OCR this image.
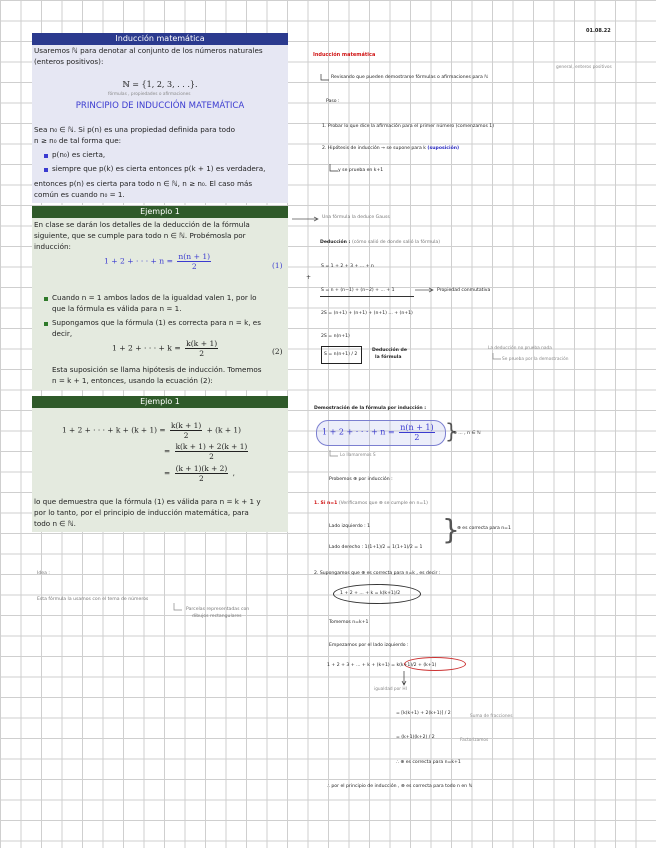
01.08.22
Inducción matemática
Usaremos ℕ para denotar al conjunto de los números naturales (enteros positivos):
ℕ = {1, 2, 3, . . .}.
fórmulas , propiedades o afirmaciones
PRINCIPIO DE INDUCCIÓN MATEMÁTICA
Sea n₀ ∈ ℕ. Si p(n) es una propiedad definida para todo
n ≥ n₀ de tal forma que:
p(n₀) es cierta,
siempre que p(k) es cierta entonces p(k + 1) es verdadera,
entonces p(n) es cierta para todo n ∈ ℕ, n ≥ n₀. El caso más
común es cuando n₀ = 1.
Ejemplo 1
En clase se darán los detalles de la deducción de la fórmula
siguiente, que se cumple para todo n ∈ ℕ. Probémosla por
inducción:
1 + 2 + · · · + $n = \frac{n(n + 1)}{2}$	(1)
Cuando n = 1 ambos lados de la igualdad valen 1, por lo
que la fórmula es válida para n = 1.
Supongamos que la fórmula (1) es correcta para n = k, es
decir,
1 + 2 + · · · + $k = \frac{k(k + 1)}{2}$	(2)
Esta suposición se llama hipótesis de inducción. Tomemos
n = k + 1, entonces, usando la ecuación (2):
Ejemplo 1
1 + 2 + · · · + $k + (k + 1) = \frac{k(k + 1)}{2} + (k + 1)$
= $\frac{k(k + 1) + 2(k + 1)}{2}$
= $\frac{(k + 1)(k + 2)}{2}$ ,
lo que demuestra que la fórmula (1) es válida para n = k + 1 y
por lo tanto, por el principio de inducción matemática, para
todo n ∈ ℕ.
Idea :
Esta fórmula la usamos con el tema de números
Parcelas representadas con
dibujos rectangulares
Inducción matemática
general, enteros positivos
Revisando que pueden demostrarse fórmulas o afirmaciones para ℕ
Paso :
1. Probar lo que dice la afirmación para el primer número (comenzamos 1)
2. Hipótesis de inducción → se supone para k (suposición)
y se prueba en k+1
Una fórmula la deduce Gauss
Deducción : (cómo salió de donde salió la fórmula)
S = 1 + 2 + 3 + ... + n
+
S = n + (n−1) + (n−2) + ... + 1	Propiedad conmutativa
2S = (n+1) + (n+1) + (n+1) ... + (n+1)
2S = n(n+1)
S = n(n+1) / 2
Deducción de
la fórmula
La deducción no prueba nada
Se prueba por la demostración
Demostración de la fórmula por inducción :
1 + 2 + · · · + $n = \frac{n(n + 1)}{2}$ }
⊕ ... , n ∈ ℕ
Lo llamaremos S
Probemos ⊕ por inducción :
1. Si n=1 (Verificamos que ⊕ se cumple en n=1)
Lado izquierdo : 1
Lado derecho : 1(1+1)/2 = 1(1+1)/2 = 1
}
⊕ es correcta para n=1
2. Supongamos que ⊕ es correcta para n=k , es decir :
1 + 2 + ... + k = k(k+1)/2
Tomemos n=k+1
Empezamos por el lado izquierdo :
1 + 2 + 3 + ... + k + (k+1) = k(k+1)/2 + (k+1)
igualdad por HI
= [k(k+1) + 2(k+1)] / 2
Suma de fracciones
= (k+1)(k+2) / 2
Factorizamos
∴ ⊕ es correcta para n=k+1
∴ por el principio de inducción , ⊕ es correcta para todo n en ℕ
